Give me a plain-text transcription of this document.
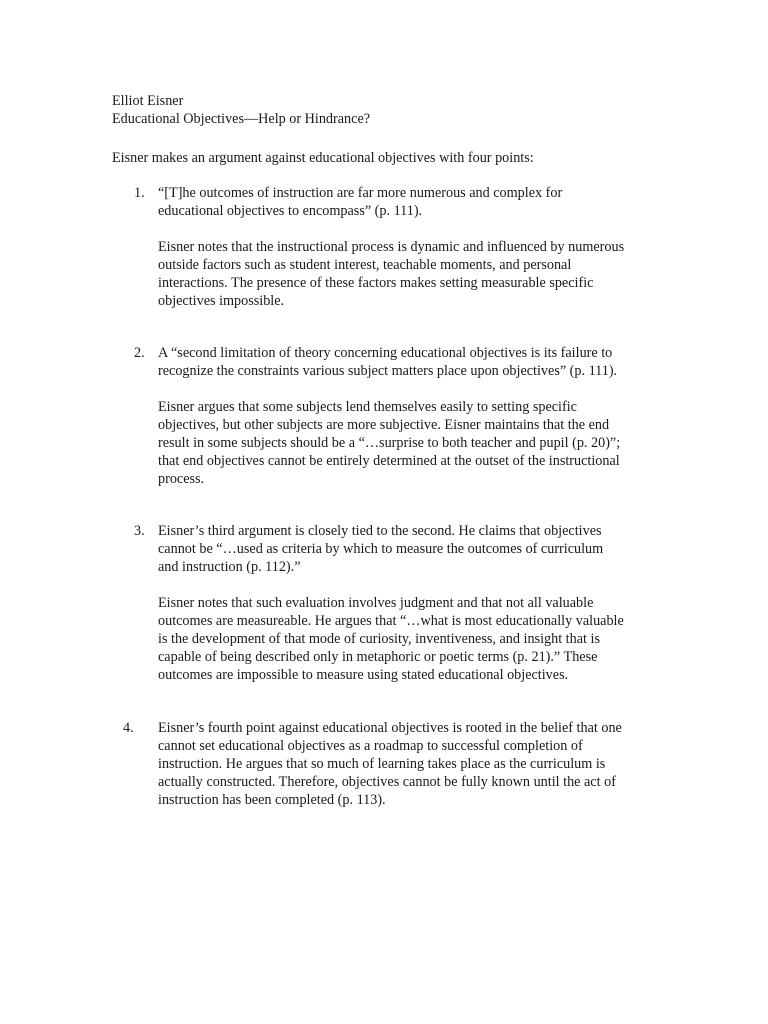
Elliot Eisner
Educational Objectives—Help or Hindrance?
Eisner makes an argument against educational objectives with four points:
1. “[T]he outcomes of instruction are far more numerous and complex for
educational objectives to encompass” (p. 111).

Eisner notes that the instructional process is dynamic and influenced by numerous
outside factors such as student interest, teachable moments, and personal
interactions. The presence of these factors makes setting measurable specific
objectives impossible.

2. A “second limitation of theory concerning educational objectives is its failure to
recognize the constraints various subject matters place upon objectives” (p. 111).

Eisner argues that some subjects lend themselves easily to setting specific
objectives, but other subjects are more subjective. Eisner maintains that the end
result in some subjects should be a “…surprise to both teacher and pupil (p. 20)”;
that end objectives cannot be entirely determined at the outset of the instructional
process.

3. Eisner’s third argument is closely tied to the second. He claims that objectives
cannot be “…used as criteria by which to measure the outcomes of curriculum
and instruction (p. 112).”

Eisner notes that such evaluation involves judgment and that not all valuable
outcomes are measureable. He argues that “…what is most educationally valuable
is the development of that mode of curiosity, inventiveness, and insight that is
capable of being described only in metaphoric or poetic terms (p. 21).” These
outcomes are impossible to measure using stated educational objectives.

4. Eisner’s fourth point against educational objectives is rooted in the belief that one
cannot set educational objectives as a roadmap to successful completion of
instruction. He argues that so much of learning takes place as the curriculum is
actually constructed. Therefore, objectives cannot be fully known until the act of
instruction has been completed (p. 113).
